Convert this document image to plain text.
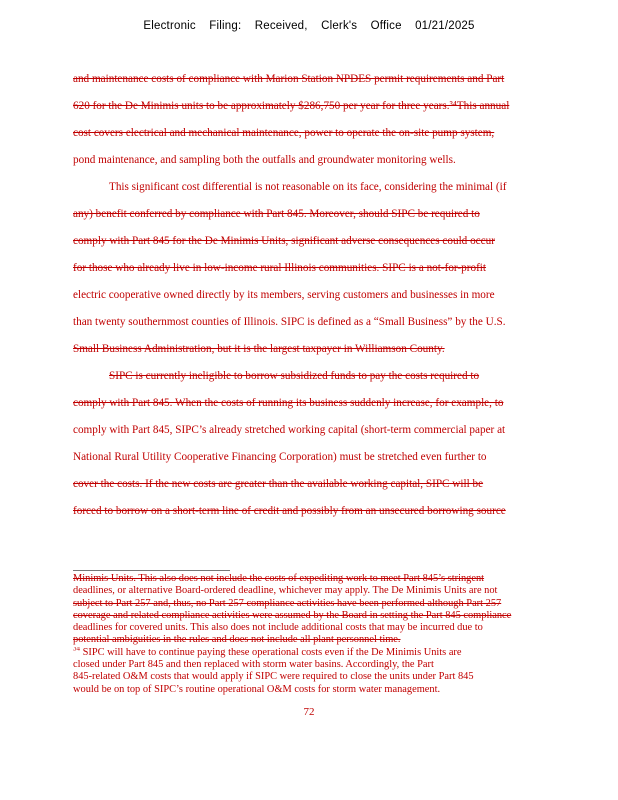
Electronic Filing: Received, Clerk's Office 01/21/2025
and maintenance costs of compliance with Marion Station NPDES permit requirements and Part
620 for the De Minimis units to be approximately $286,750 per year for three years.³⁴This annual
cost covers electrical and mechanical maintenance, power to operate the on-site pump system,
pond maintenance, and sampling both the outfalls and groundwater monitoring wells.
This significant cost differential is not reasonable on its face, considering the minimal (if
any) benefit conferred by compliance with Part 845. Moreover, should SIPC be required to
comply with Part 845 for the De Minimis Units, significant adverse consequences could occur
for those who already live in low-income rural Illinois communities. SIPC is a not-for-profit
electric cooperative owned directly by its members, serving customers and businesses in more
than twenty southernmost counties of Illinois. SIPC is defined as a “Small Business” by the U.S.
Small Business Administration, but it is the largest taxpayer in Williamson County.
SIPC is currently ineligible to borrow subsidized funds to pay the costs required to
comply with Part 845. When the costs of running its business suddenly increase, for example, to
comply with Part 845, SIPC’s already stretched working capital (short-term commercial paper at
National Rural Utility Cooperative Financing Corporation) must be stretched even further to
cover the costs. If the new costs are greater than the available working capital, SIPC will be
forced to borrow on a short-term line of credit and possibly from an unsecured borrowing source
Minimis Units. This also does not include the costs of expediting work to meet Part 845’s stringent
deadlines, or alternative Board-ordered deadline, whichever may apply. The De Minimis Units are not
subject to Part 257 and, thus, no Part 257 compliance activities have been performed although Part 257
coverage and related compliance activities were assumed by the Board in setting the Part 845 compliance
deadlines for covered units. This also does not include additional costs that may be incurred due to
potential ambiguities in the rules and does not include all plant personnel time.
$^{34}$ SIPC will have to continue paying these operational costs even if the De Minimis Units are
closed under Part 845 and then replaced with storm water basins. Accordingly, the Part
845-related O&M costs that would apply if SIPC were required to close the units under Part 845
would be on top of SIPC’s routine operational O&M costs for storm water management.
72
